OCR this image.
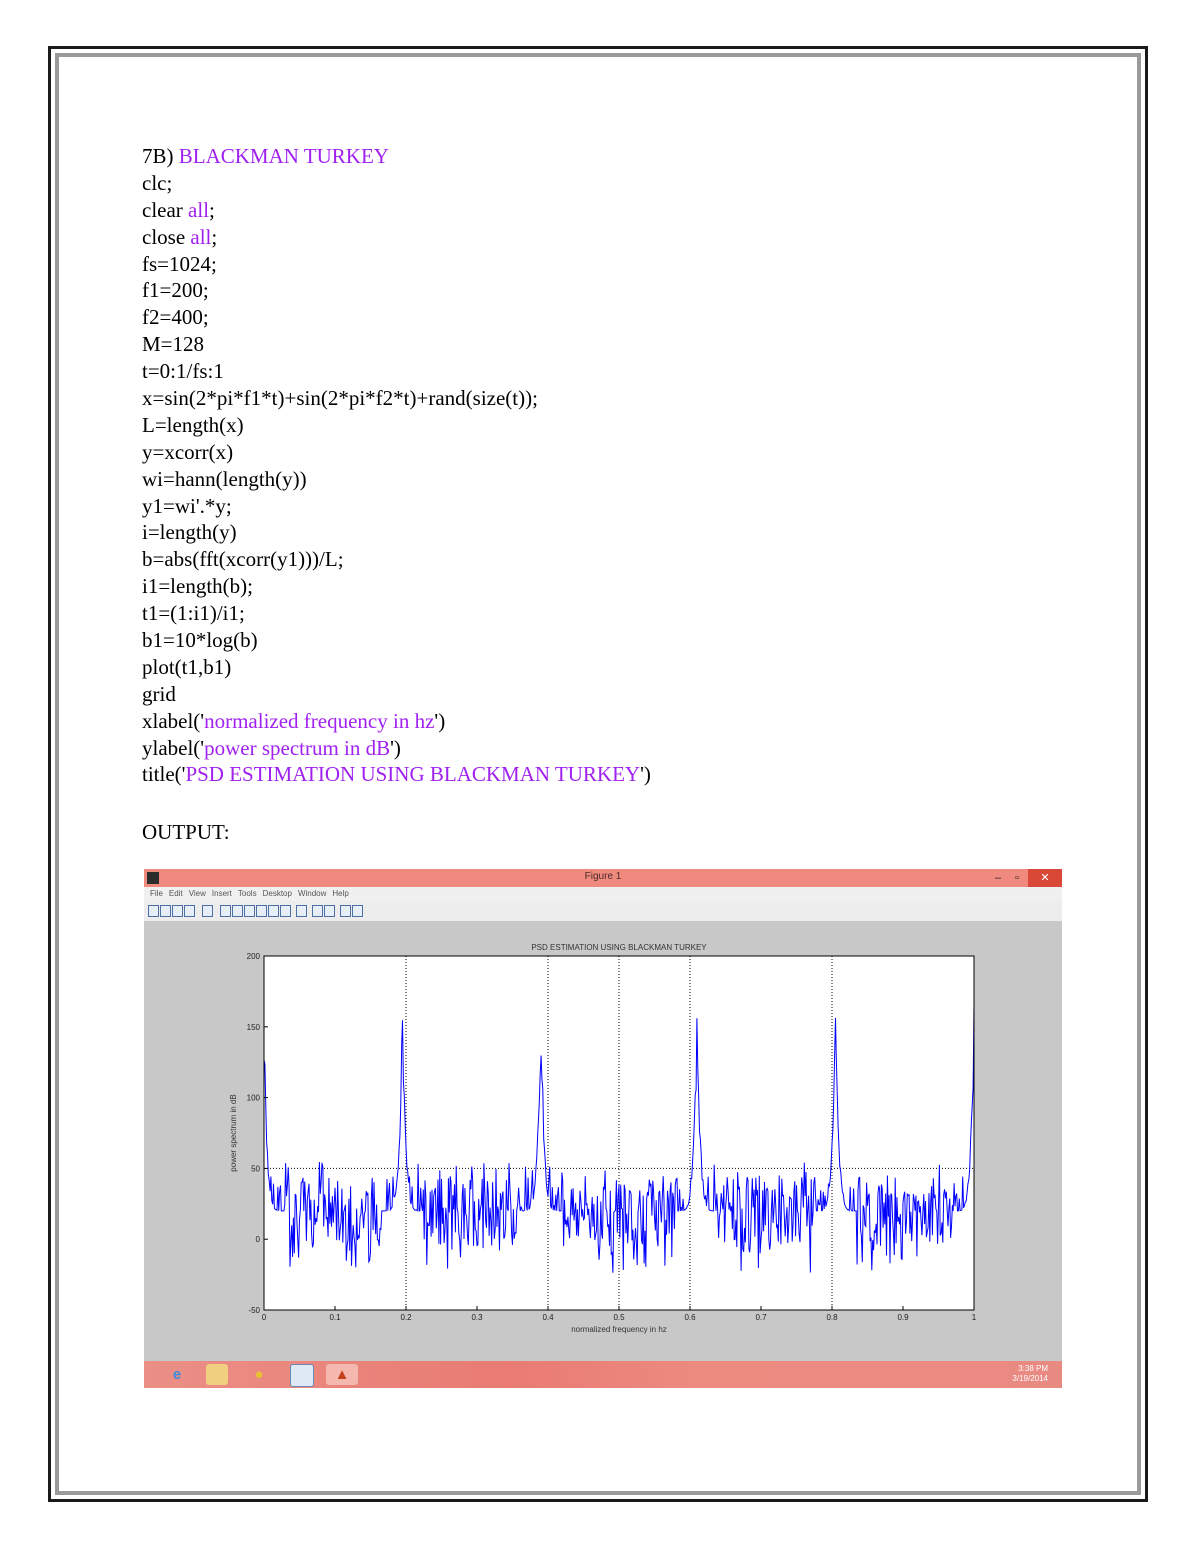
7B) BLACKMAN TURKEY
clc;
clear all;
close all;
fs=1024;
f1=200;
f2=400;
M=128
t=0:1/fs:1
x=sin(2*pi*f1*t)+sin(2*pi*f2*t)+rand(size(t));
L=length(x)
y=xcorr(x)
wi=hann(length(y))
y1=wi'.*y;
i=length(y)
b=abs(fft(xcorr(y1)))/L;
i1=length(b);
t1=(1:i1)/i1;
b1=10*log(b)
plot(t1,b1)
grid
xlabel('normalized frequency in hz')
ylabel('power spectrum in dB')
title('PSD ESTIMATION USING BLACKMAN TURKEY')
OUTPUT:
0	0.1	0.2	0.3	0.4	0.5	0.6	0.7	0.8	0.9	1
-50
0
50
100
150
200
PSD ESTIMATION USING BLACKMAN TURKEY
normalized frequency in hz
power spectrum in dB
Figure 1	–	▫	✕
File Edit View Insert Tools Desktop Window Help
e	●	▲	3:38 PM
3/19/2014
